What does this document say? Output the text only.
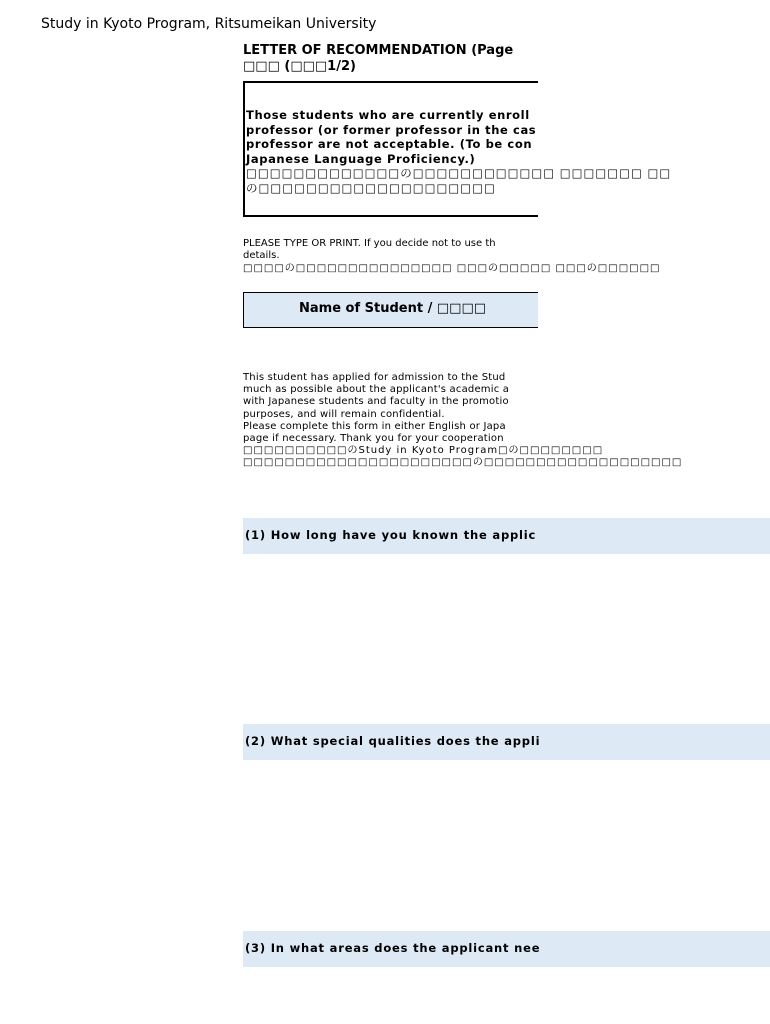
Study in Kyoto Program, Ritsumeikan University
LETTER OF RECOMMENDATION (Page
□□□ (□□□1/2)
Those students who are currently enroll
professor (or former professor in the cas
professor are not acceptable. (To be con
Japanese Language Proficiency.)
□□□□□□□□□□□□□の□□□□□□□□□□□□ □□□□□□□ □□
の□□□□□□□□□□□□□□□□□□□□
PLEASE TYPE OR PRINT. If you decide not to use th
details.
□□□□の□□□□□□□□□□□□□□□ □□□の□□□□□ □□□の□□□□□□
Name of Student / □□□□
This student has applied for admission to the Stud
much as possible about the applicant's academic a
with Japanese students and faculty in the promotio
purposes, and will remain confidential.
Please complete this form in either English or Japa
page if necessary. Thank you for your cooperation
□□□□□□□□□□のStudy in Kyoto Program□の□□□□□□□□
□□□□□□□□□□□□□□□□□□□□□□の□□□□□□□□□□□□□□□□□□□
(1) How long have you known the applic
(2) What special qualities does the appli
(3) In what areas does the applicant nee
